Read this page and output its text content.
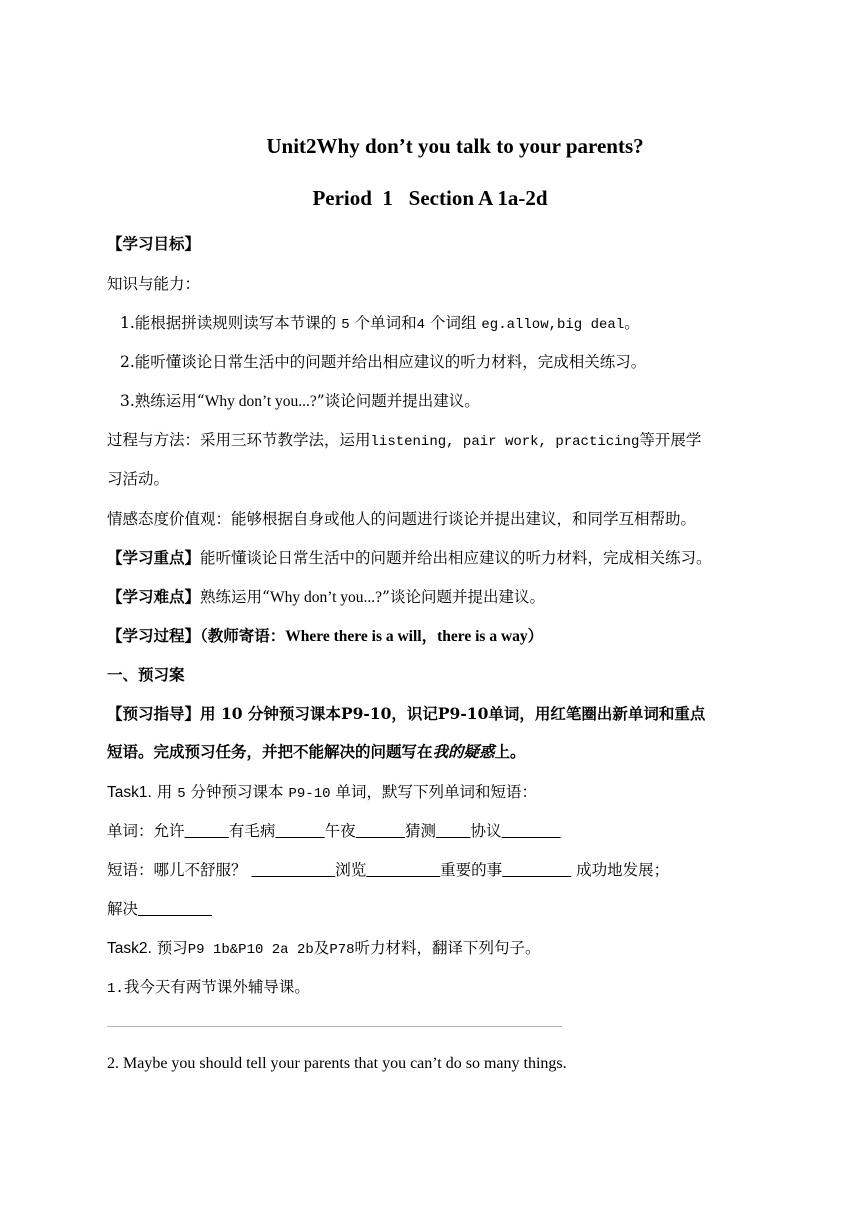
Unit2Why don’t you talk to your parents?
Period  1   Section A 1a-2d
【学习目标】
知识与能力：
1.能根据拼读规则读写本节课的 5 个单词和4 个词组 eg.allow,big deal。
2.能听懂谈论日常生活中的问题并给出相应建议的听力材料，完成相关练习。
3.熟练运用“Why don’t you...?”谈论问题并提出建议。
过程与方法：采用三环节教学法，运用listening, pair work, practicing等开展学
习活动。
情感态度价值观：能够根据自身或他人的问题进行谈论并提出建议，和同学互相帮助。
【学习重点】能听懂谈论日常生活中的问题并给出相应建议的听力材料，完成相关练习。
【学习难点】熟练运用“Why don’t you...?”谈论问题并提出建议。
【学习过程】（教师寄语：Where there is a will，there is a way）
一、预习案
【预习指导】用 10 分钟预习课本P9-10，识记P9-10单词，用红笔圈出新单词和重点
短语。完成预习任务，并把不能解决的问题写在我的疑惑上。
Task1. 用 5 分钟预习课本 P9-10 单词，默写下列单词和短语：
单词：允许	有毛病	午夜	猜测 协议
短语：哪儿不舒服？	浏览	重要的事	成功地发展；
解决
Task2. 预习P9 1b&P10 2a 2b及P78听力材料，翻译下列句子。
1.我今天有两节课外辅导课。
2. Maybe you should tell your parents that you can’t do so many things.
